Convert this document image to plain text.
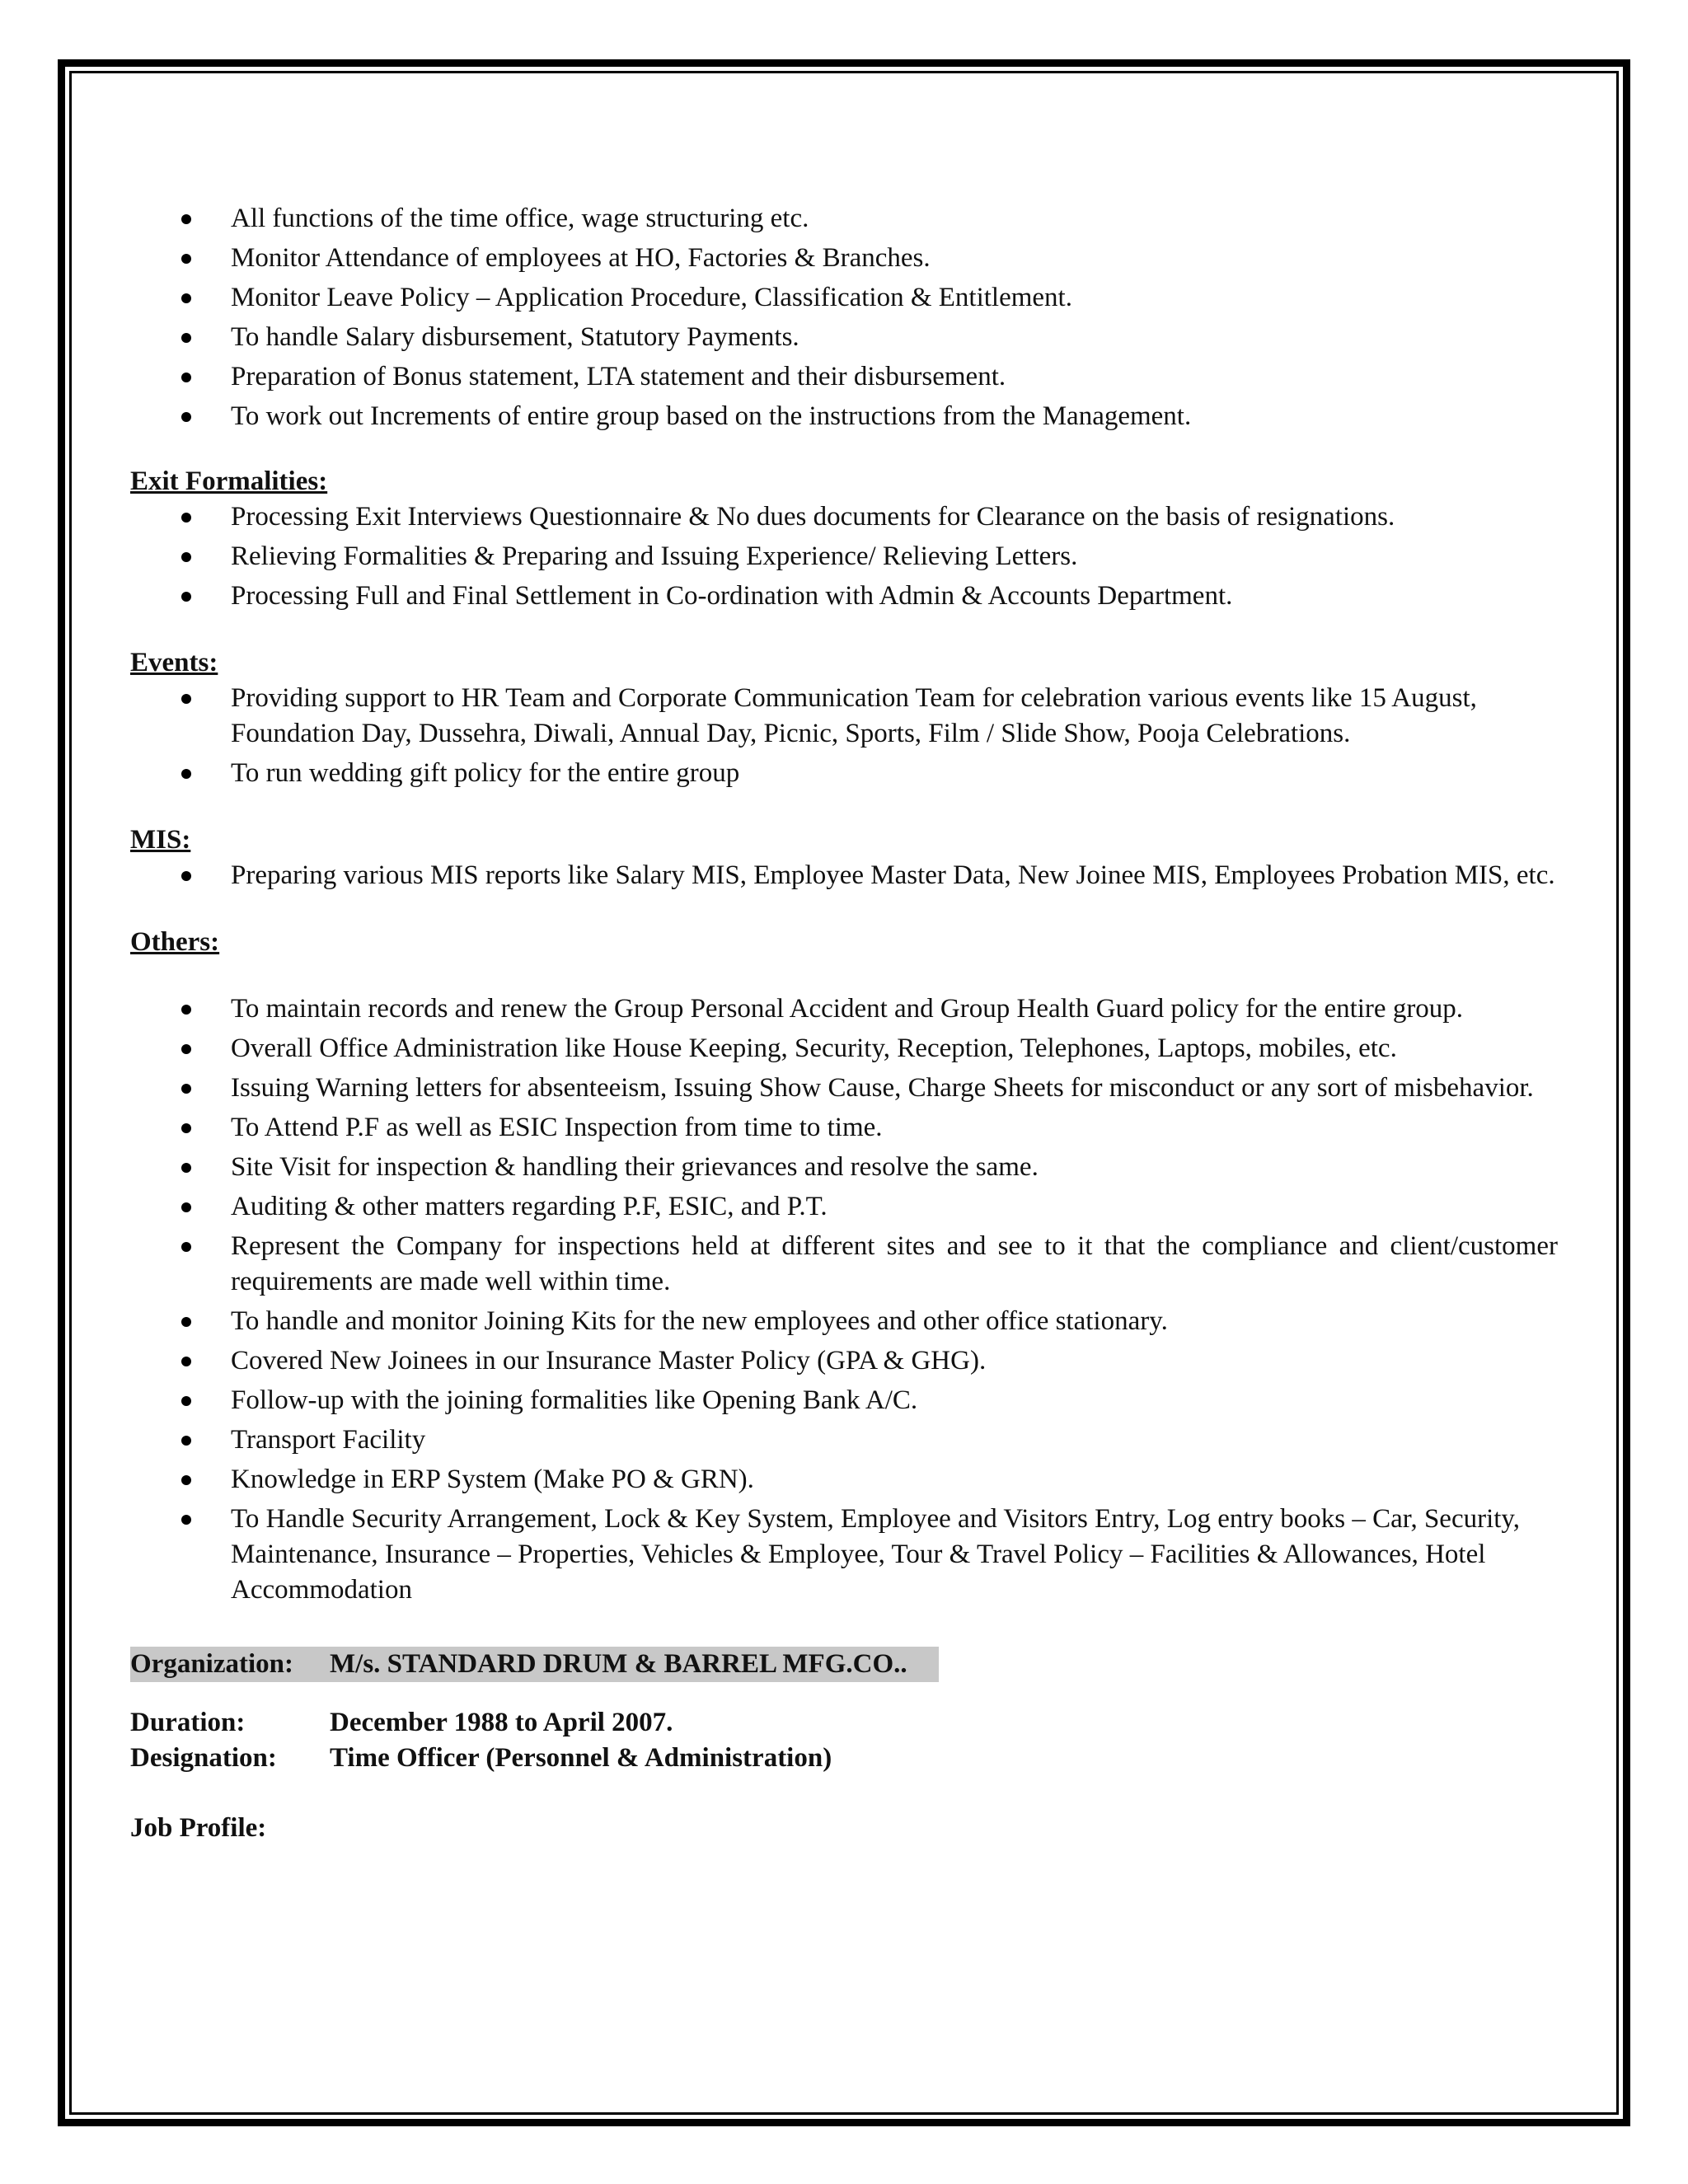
All functions of the time office, wage structuring etc.
Monitor Attendance of employees at HO, Factories & Branches.
Monitor Leave Policy – Application Procedure, Classification & Entitlement.
To handle Salary disbursement, Statutory Payments.
Preparation of Bonus statement, LTA statement and their disbursement.
To work out Increments of entire group based on the instructions from the Management.
Exit Formalities:
Processing Exit Interviews Questionnaire & No dues documents for Clearance on the basis of resignations.
Relieving Formalities & Preparing and Issuing Experience/ Relieving Letters.
Processing Full and Final Settlement in Co-ordination with Admin & Accounts Department.
Events:
Providing support to HR Team and Corporate Communication Team for celebration various events like 15 August, Foundation Day, Dussehra, Diwali, Annual Day, Picnic, Sports, Film / Slide Show, Pooja Celebrations.
To run wedding gift policy for the entire group
MIS:
Preparing various MIS reports like Salary MIS, Employee Master Data, New Joinee MIS, Employees Probation MIS, etc.
Others:
To maintain records and renew the Group Personal Accident and Group Health Guard policy for the entire group.
Overall Office Administration like House Keeping, Security, Reception, Telephones, Laptops, mobiles, etc.
Issuing Warning letters for absenteeism, Issuing Show Cause, Charge Sheets for misconduct or any sort of misbehavior.
To Attend P.F as well as ESIC Inspection from time to time.
Site Visit for inspection & handling their grievances and resolve the same.
Auditing & other matters regarding P.F, ESIC, and P.T.
Represent the Company for inspections held at different sites and see to it that the compliance and client/customer requirements are made well within time.
To handle and monitor Joining Kits for the new employees and other office stationary.
Covered New Joinees in our Insurance Master Policy (GPA & GHG).
Follow-up with the joining formalities like Opening Bank A/C.
Transport Facility
Knowledge in ERP System (Make PO & GRN).
To Handle Security Arrangement, Lock & Key System, Employee and Visitors Entry, Log entry books – Car, Security, Maintenance, Insurance – Properties, Vehicles & Employee, Tour & Travel Policy – Facilities & Allowances, Hotel Accommodation
Organization:	M/s. STANDARD DRUM & BARREL MFG.CO..
Duration:	December 1988 to April 2007.
Designation:	Time Officer (Personnel & Administration)
Job Profile:
